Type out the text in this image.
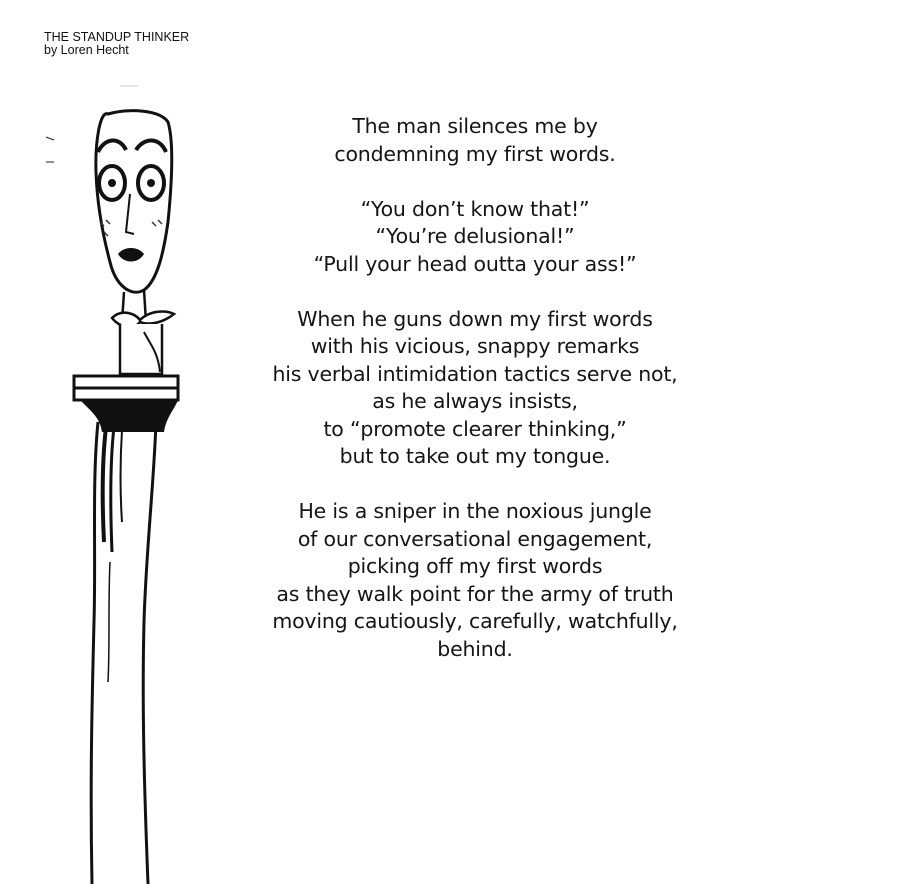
THE STANDUP THINKER
by Loren Hecht
The man silences me by
condemning my first words.
“You don’t know that!”
“You’re delusional!”
“Pull your head outta your ass!”
When he guns down my first words
with his vicious, snappy remarks
his verbal intimidation tactics serve not,
as he always insists,
to “promote clearer thinking,”
but to take out my tongue.
He is a sniper in the noxious jungle
of our conversational engagement,
picking off my first words
as they walk point for the army of truth
moving cautiously, carefully, watchfully,
behind.
